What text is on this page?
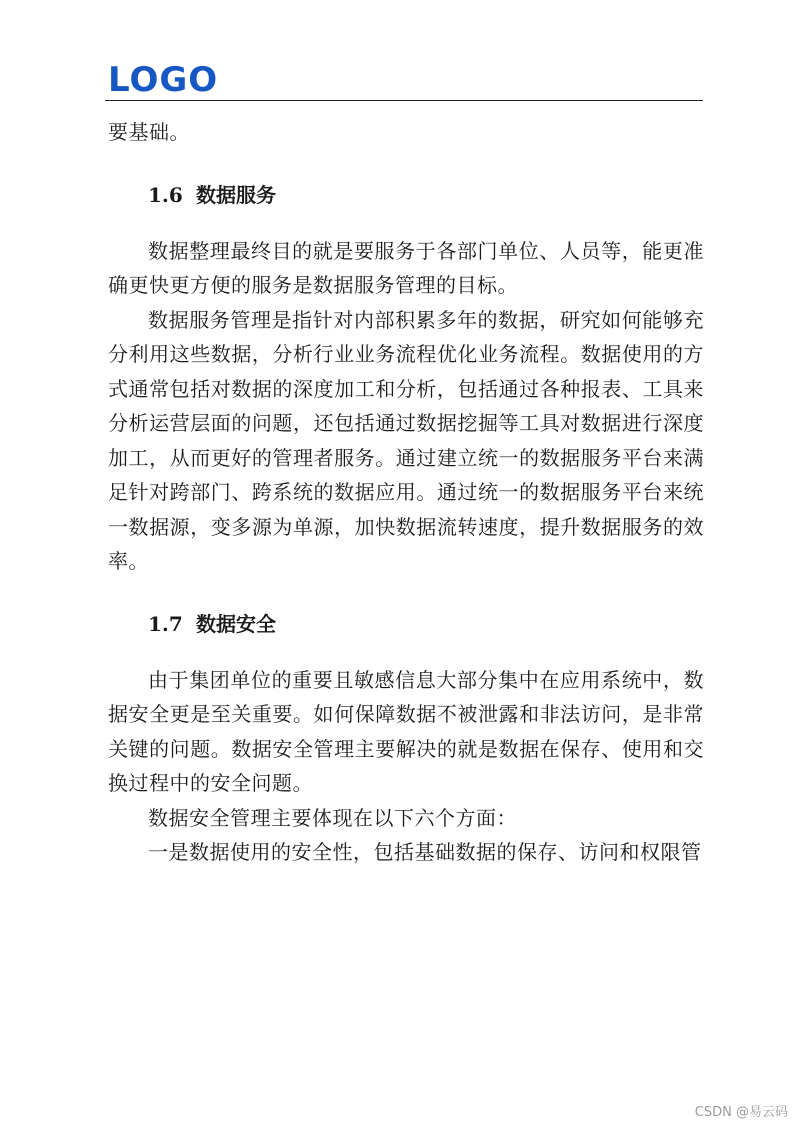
LOGO

要基础。

1.6 数据服务

数据整理最终目的就是要服务于各部门单位、人员等，能更准确更快更方便的服务是数据服务管理的目标。

数据服务管理是指针对内部积累多年的数据，研究如何能够充分利用这些数据，分析行业业务流程优化业务流程。数据使用的方式通常包括对数据的深度加工和分析，包括通过各种报表、工具来分析运营层面的问题，还包括通过数据挖掘等工具对数据进行深度加工，从而更好的管理者服务。通过建立统一的数据服务平台来满足针对跨部门、跨系统的数据应用。通过统一的数据服务平台来统一数据源，变多源为单源，加快数据流转速度，提升数据服务的效率。

1.7 数据安全

由于集团单位的重要且敏感信息大部分集中在应用系统中，数据安全更是至关重要。如何保障数据不被泄露和非法访问，是非常关键的问题。数据安全管理主要解决的就是数据在保存、使用和交换过程中的安全问题。

数据安全管理主要体现在以下六个方面：

一是数据使用的安全性，包括基础数据的保存、访问和权限管

CSDN @易云码
